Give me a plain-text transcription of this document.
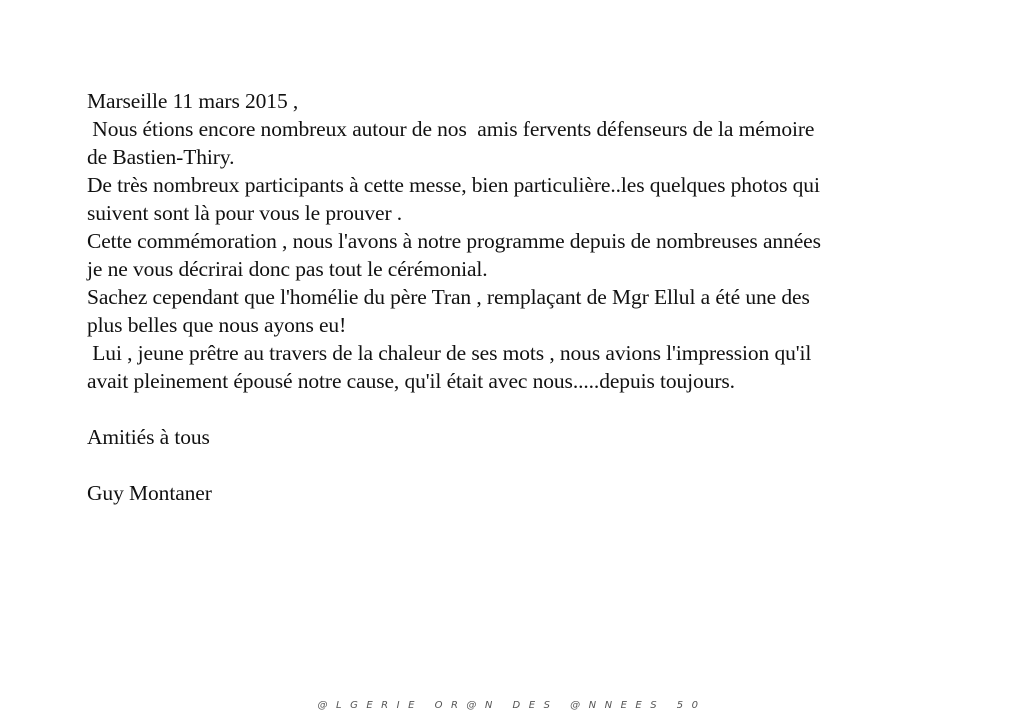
Marseille 11 mars 2015 ,
Nous étions encore nombreux autour de nos  amis fervents défenseurs de la mémoire
de Bastien-Thiry.
De très nombreux participants à cette messe, bien particulière..les quelques photos qui
suivent sont là pour vous le prouver .
Cette commémoration , nous l'avons à notre programme depuis de nombreuses années
je ne vous décrirai donc pas tout le cérémonial.
Sachez cependant que l'homélie du père Tran , remplaçant de Mgr Ellul a été une des
plus belles que nous ayons eu!
Lui , jeune prêtre au travers de la chaleur de ses mots , nous avions l'impression qu'il
avait pleinement épousé notre cause, qu'il était avec nous.....depuis toujours.
Amitiés à tous
Guy Montaner
@LGERIE OR@N DES @NNEES 50
